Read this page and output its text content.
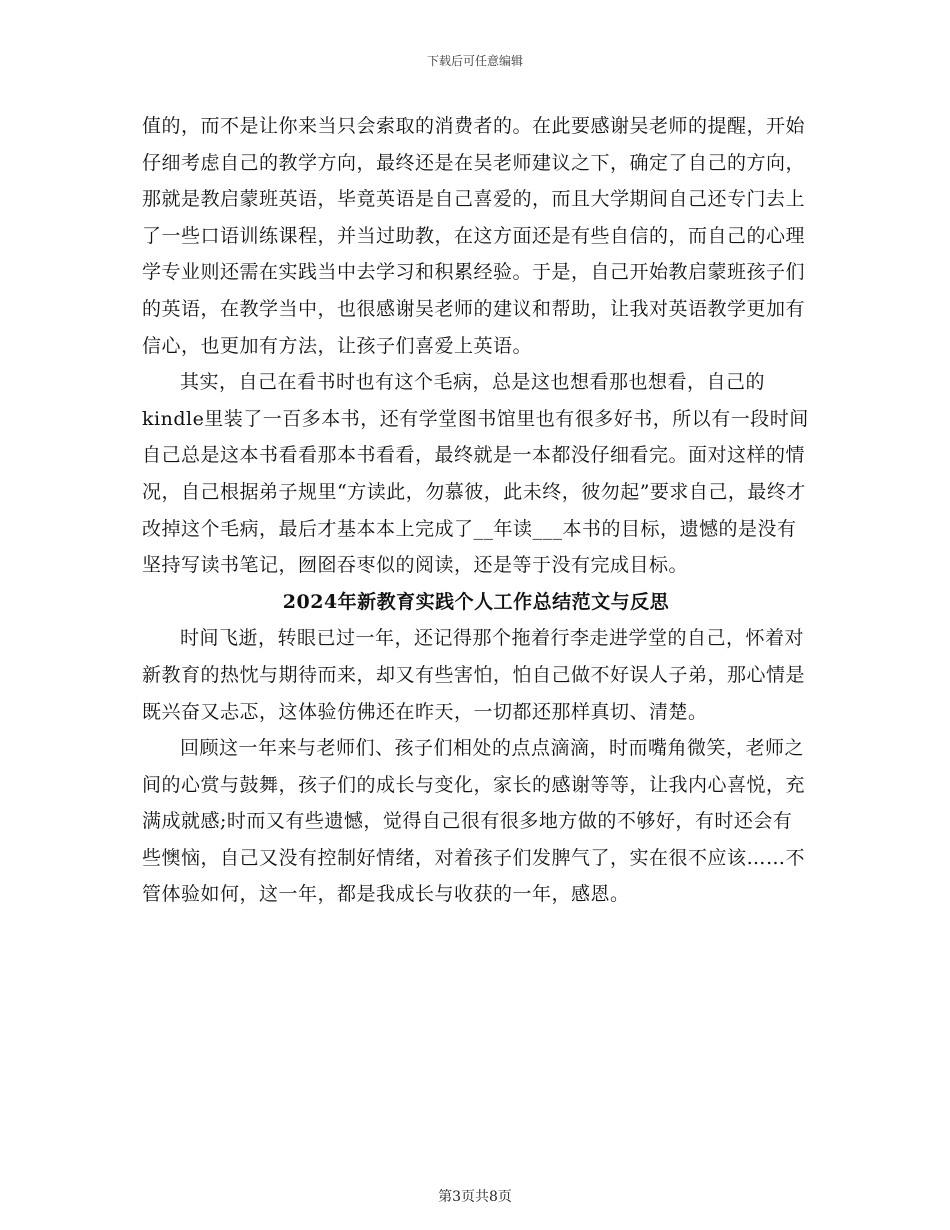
下载后可任意编辑

值的，而不是让你来当只会索取的消费者的。在此要感谢吴老师的提醒，开始仔细考虑自己的教学方向，最终还是在吴老师建议之下，确定了自己的方向，那就是教启蒙班英语，毕竟英语是自己喜爱的，而且大学期间自己还专门去上了一些口语训练课程，并当过助教，在这方面还是有些自信的，而自己的心理学专业则还需在实践当中去学习和积累经验。于是，自己开始教启蒙班孩子们的英语，在教学当中，也很感谢吴老师的建议和帮助，让我对英语教学更加有信心，也更加有方法，让孩子们喜爱上英语。

其实，自己在看书时也有这个毛病，总是这也想看那也想看，自己的kindle里装了一百多本书，还有学堂图书馆里也有很多好书，所以有一段时间自己总是这本书看看那本书看看，最终就是一本都没仔细看完。面对这样的情况，自己根据弟子规里“方读此，勿慕彼，此未终，彼勿起”要求自己，最终才改掉这个毛病，最后才基本本上完成了__年读___本书的目标，遗憾的是没有坚持写读书笔记，囫囵吞枣似的阅读，还是等于没有完成目标。

2024年新教育实践个人工作总结范文与反思

时间飞逝，转眼已过一年，还记得那个拖着行李走进学堂的自己，怀着对新教育的热忱与期待而来，却又有些害怕，怕自己做不好误人子弟，那心情是既兴奋又忐忑，这体验仿佛还在昨天，一切都还那样真切、清楚。

回顾这一年来与老师们、孩子们相处的点点滴滴，时而嘴角微笑，老师之间的心赏与鼓舞，孩子们的成长与变化，家长的感谢等等，让我内心喜悦，充满成就感;时而又有些遗憾，觉得自己很有很多地方做的不够好，有时还会有些懊恼，自己又没有控制好情绪，对着孩子们发脾气了，实在很不应该……不管体验如何，这一年，都是我成长与收获的一年，感恩。

第3页共8页
